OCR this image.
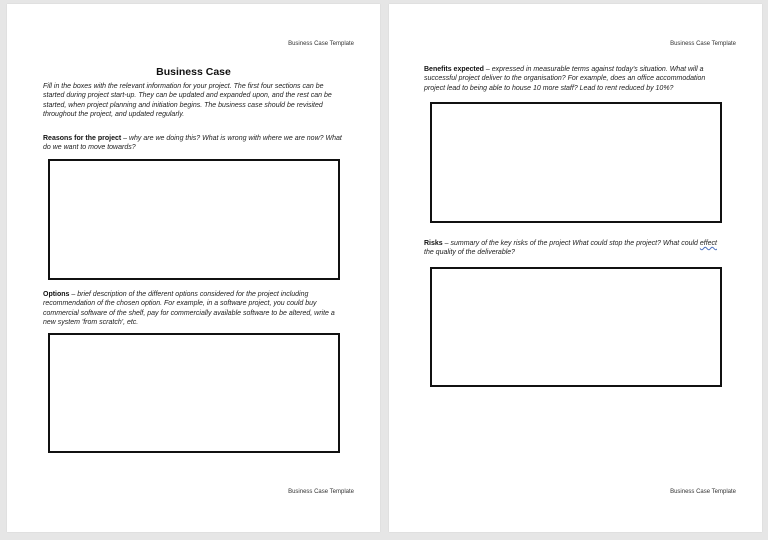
Business Case Template
Business Case
Fill in the boxes with the relevant information for your project. The first four sections can be started during project start-up. They can be updated and expanded upon, and the rest can be started, when project planning and initiation begins. The business case should be revisited throughout the project, and updated regularly.
Reasons for the project – why are we doing this? What is wrong with where we are now? What do we want to move towards?
Options – brief description of the different options considered for the project including recommendation of the chosen option. For example, in a software project, you could buy commercial software of the shelf, pay for commercially available software to be altered, write a new system 'from scratch', etc.
Business Case Template
Business Case Template
Benefits expected – expressed in measurable terms against today's situation. What will a successful project deliver to the organisation? For example, does an office accommodation project lead to being able to house 10 more staff? Lead to rent reduced by 10%?
Risks – summary of the key risks of the project What could stop the project? What could effect the quality of the deliverable?
Business Case Template
